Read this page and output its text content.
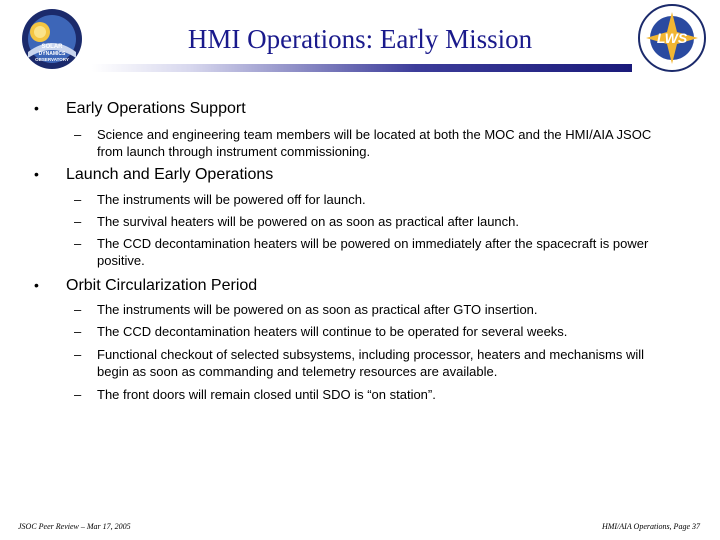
SOLAR
DYNAMICS
OBSERVATORY
HMI Operations: Early Mission	LWS
• Early Operations Support
– Science and engineering team members will be located at both the MOC and the HMI/AIA JSOC from launch through instrument commissioning.
• Launch and Early Operations
– The instruments will be powered off for launch.
– The survival heaters will be powered on as soon as practical after launch.
– The CCD decontamination heaters will be powered on immediately after the spacecraft is power positive.
• Orbit Circularization Period
– The instruments will be powered on as soon as practical after GTO insertion.
– The CCD decontamination heaters will continue to be operated for several weeks.
– Functional checkout of selected subsystems, including processor, heaters and mechanisms will begin as soon as commanding and telemetry resources are available.
– The front doors will remain closed until SDO is “on station”.
JSOC Peer Review – Mar 17, 2005	HMI/AIA Operations, Page 37
